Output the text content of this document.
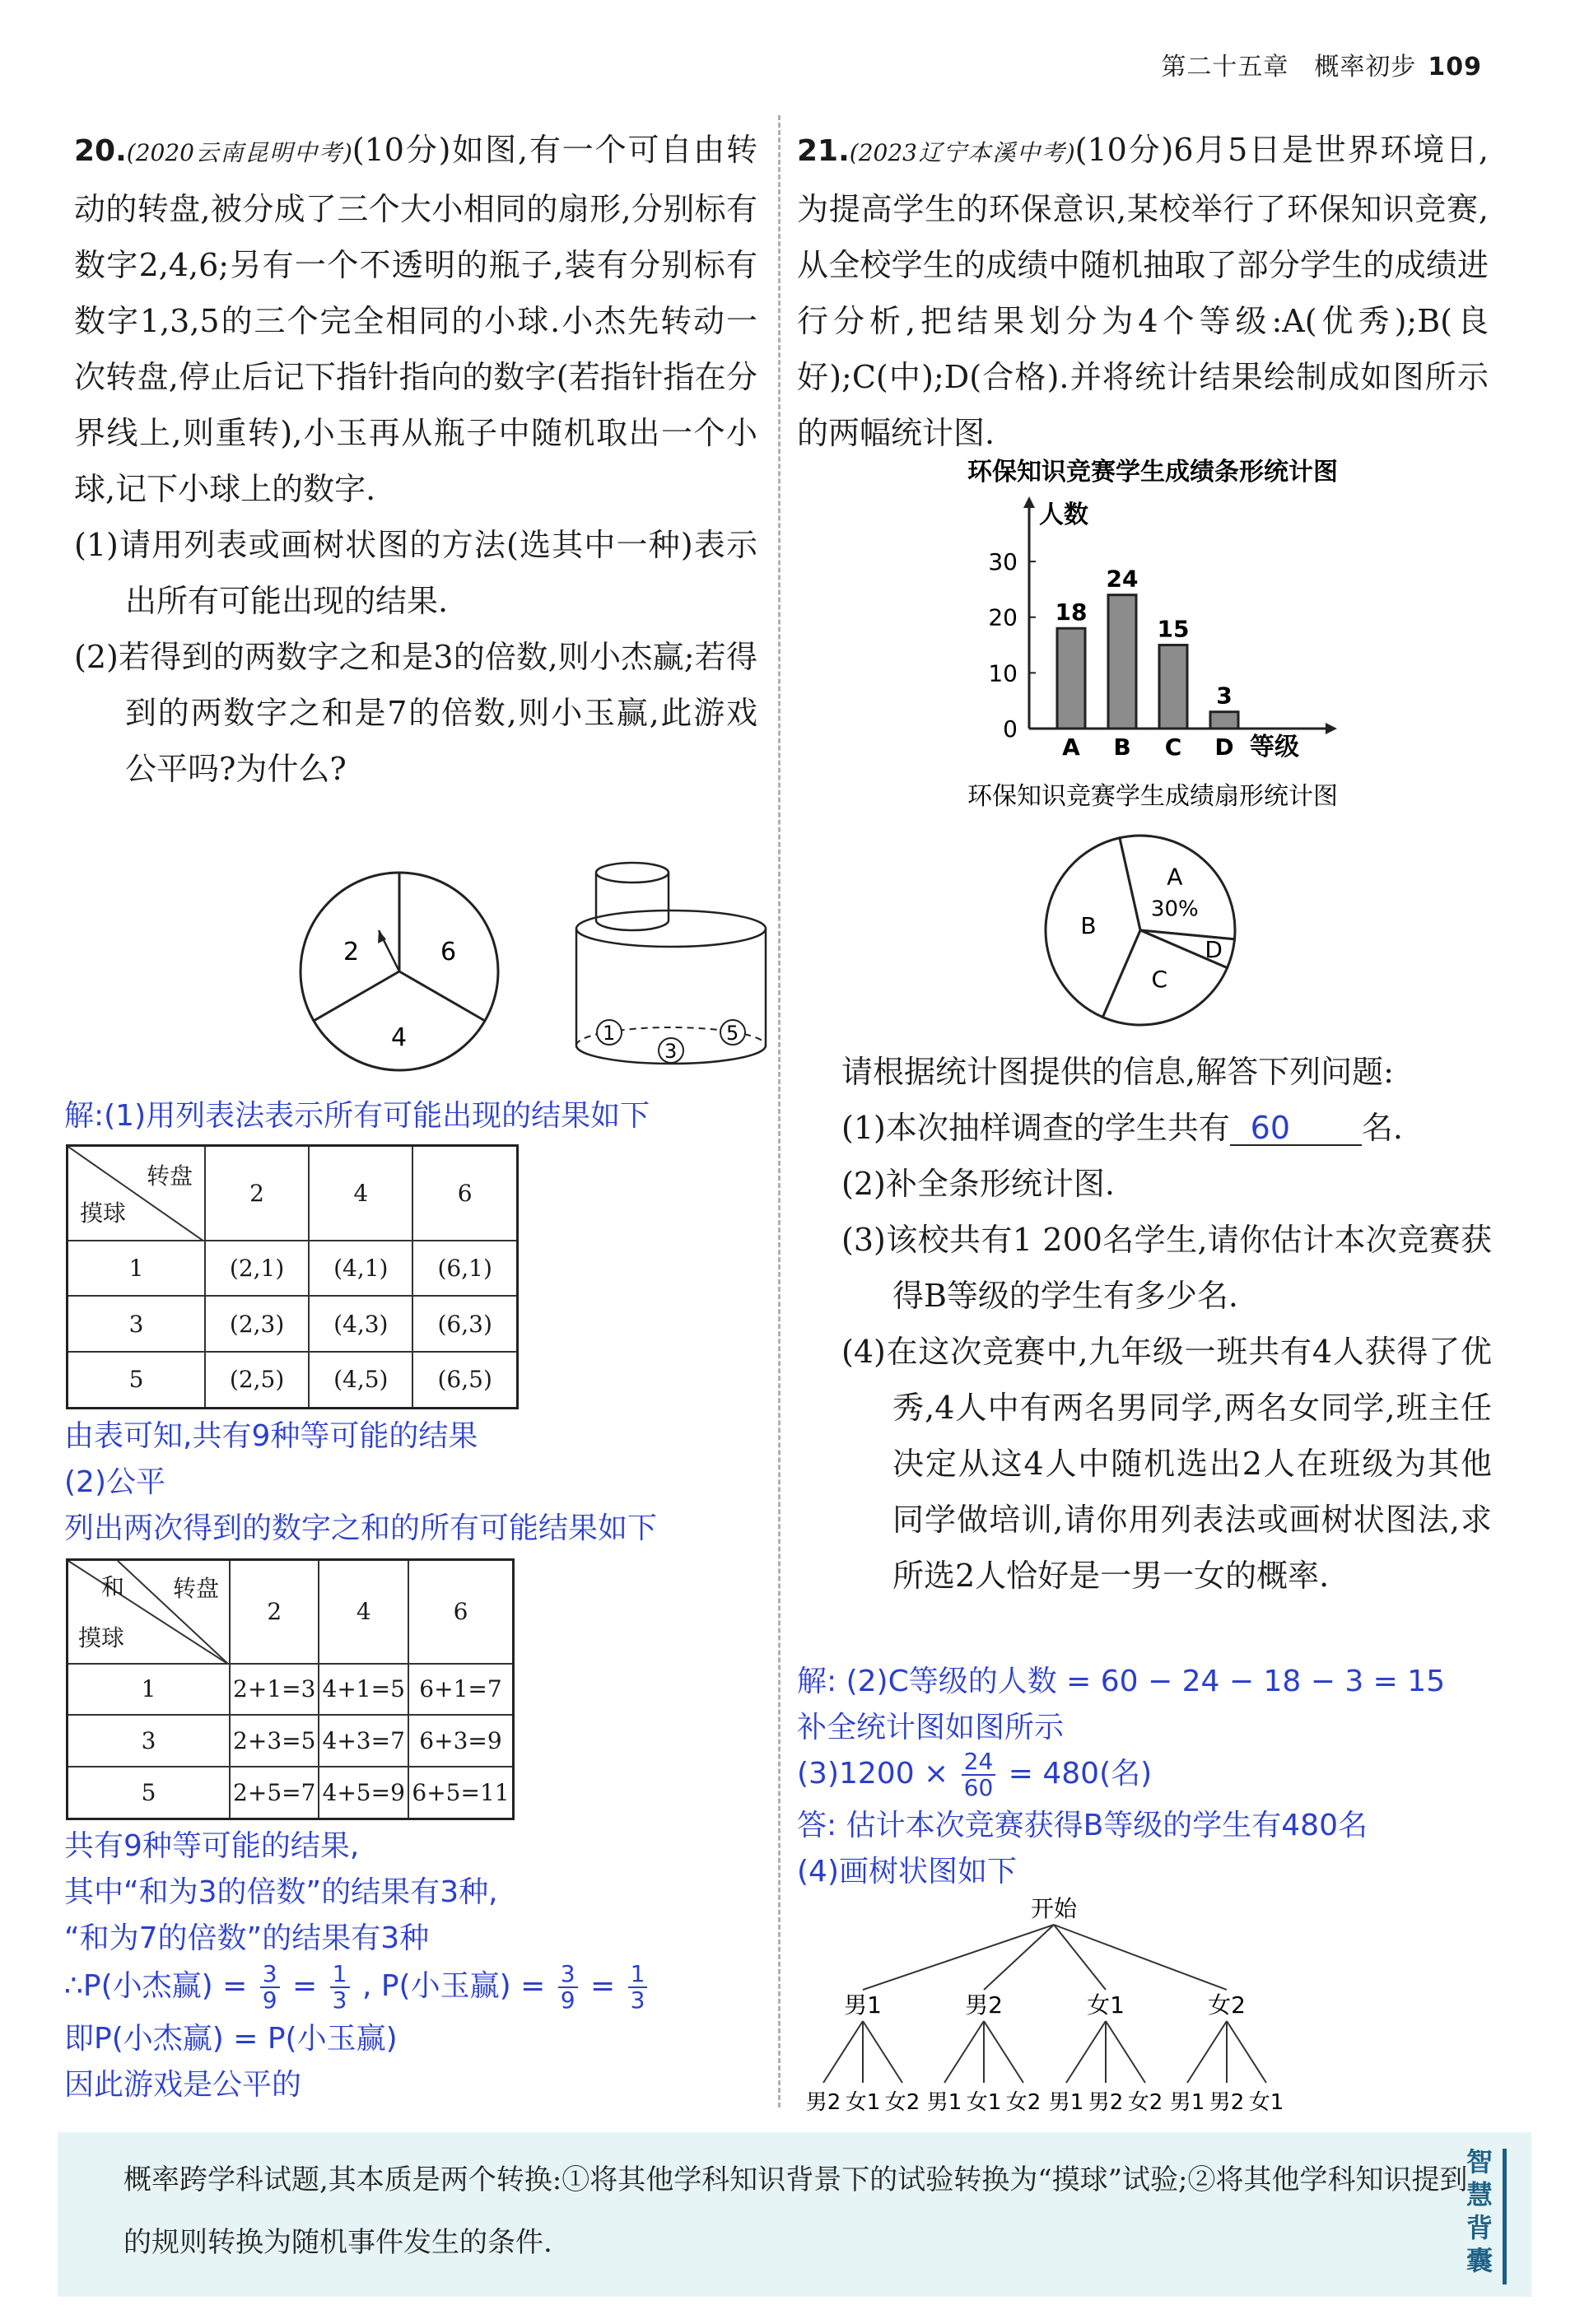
第二十五章　概率初步 109
20.(2020云南昆明中考)(10分)如图,有一个可自由转动的转盘,被分成了三个大小相同的扇形,分别标有数字2,4,6;另有一个不透明的瓶子,装有分别标有数字1,3,5的三个完全相同的小球.小杰先转动一次转盘,停止后记下指针指向的数字(若指针指在分界线上,则重转),小玉再从瓶子中随机取出一个小球,记下小球上的数字.
(1)请用列表或画树状图的方法(选其中一种)表示出所有可能出现的结果.
(2)若得到的两数字之和是3的倍数,则小杰赢;若得到的两数字之和是7的倍数,则小玉赢,此游戏公平吗?为什么?
2	6
4	1
3
5
解:(1)用列表法表示所有可能出现的结果如下
转盘
摸球	2	4	6
1	(2,1)	(4,1)	(6,1)
3	(2,3)	(4,3)	(6,3)
5	(2,5)	(4,5)	(6,5)
由表可知,共有9种等可能的结果
(2)公平
列出两次得到的数字之和的所有可能结果如下
和 转盘
摸球	2	4	6
1	2+1=3	4+1=5	6+1=7
3	2+3=5	4+3=7	6+3=9
5	2+5=7	4+5=9	6+5=11
共有9种等可能的结果,
其中“和为3的倍数”的结果有3种,
“和为7的倍数”的结果有3种
∴P(小杰赢) = $\frac{3}{9} = \frac{1}{3}$ , P(小玉赢) = $\frac{3}{9} = \frac{1}{3}$
即P(小杰赢) = P(小玉赢)
因此游戏是公平的
21.(2023辽宁本溪中考)(10分)6月5日是世界环境日,为提高学生的环保意识,某校举行了环保知识竞赛,从全校学生的成绩中随机抽取了部分学生的成绩进行分析,把结果划分为4个等级:A(优秀);B(良好);C(中);D(合格).并将统计结果绘制成如图所示的两幅统计图.
环保知识竞赛学生成绩条形统计图
人数
等级
0
10
20
30
18
A
24
B
15
C
3
D
环保知识竞赛学生成绩扇形统计图
A
30%
D
C
B
请根据统计图提供的信息,解答下列问题:
(1)本次抽样调查的学生共有 60 名.
(2)补全条形统计图.
(3)该校共有1 200名学生,请你估计本次竞赛获得B等级的学生有多少名.
(4)在这次竞赛中,九年级一班共有4人获得了优秀,4人中有两名男同学,两名女同学,班主任决定从这4人中随机选出2人在班级为其他同学做培训,请你用列表法或画树状图法,求所选2人恰好是一男一女的概率.
解: (2)C等级的人数 = 60 − 24 − 18 − 3 = 15
补全统计图如图所示
$(3)1200 \times \frac{24}{60} = 480$(名)
答: 估计本次竞赛获得B等级的学生有480名
(4)画树状图如下
开始
男1
男2 女1 女2
男2
男1 女1 女2
女1
男1 男2 女2
女2
男1 男2 女1
概率跨学科试题,其本质是两个转换:①将其他学科知识背景下的试验转换为“摸球”试验;②将其他学科知识提到的规则转换为随机事件发生的条件.
智慧背囊
